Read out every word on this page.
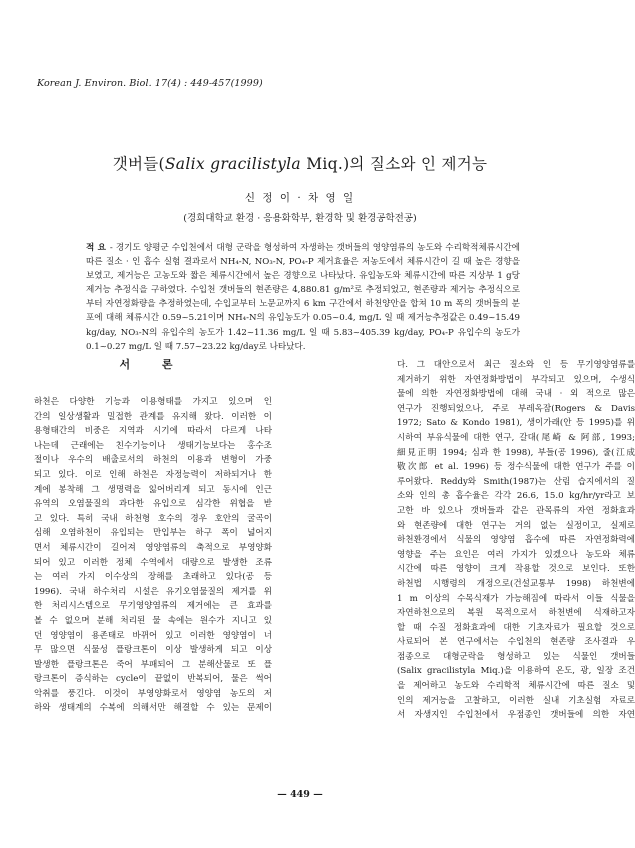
Korean J. Environ. Biol. 17(4) : 449-457(1999)
갯버들(Salix gracilistyla Miq.)의 질소와 인 제거능
신 정 이 · 차 영 일
(경희대학교 환경 · 응용화학부, 환경학 및 환경공학전공)
적 요 - 경기도 양평군 수입천에서 대형 군락을 형성하여 자생하는 갯버들의 영양염류의 농도와 수리학적체류시간에 따른 질소 · 인 흡수 실험 결과로서 NH₄-N, NO₃-N, PO₄-P 제거효율은 저농도에서 체류시간이 길 때 높은 경향을 보였고, 제거능은 고농도와 짧은 체류시간에서 높은 경향으로 나타났다. 유입농도와 체류시간에 따른 지상부 1 g당 제거능 추정식을 구하였다. 수입천 갯버들의 현존량은 4,880.81 g/m²로 추정되었고, 현존량과 제거능 추정식으로부터 자연정화량을 추정하였는데, 수입교부터 노문교까지 6 km 구간에서 하천양안을 합쳐 10 m 폭의 갯버들의 분포에 대해 체류시간 0.59~5.21이며 NH₄-N의 유입농도가 0.05~0.4, mg/L 일 때 제거능추정값은 0.49~15.49 kg/day, NO₃-N의 유입수의 농도가 1.42~11.36 mg/L 일 때 5.83~405.39 kg/day, PO₄-P 유입수의 농도가 0.1~0.27 mg/L 일 때 7.57~23.22 kg/day로 나타났다.
서 론
하천은 다양한 기능과 이용형태를 가지고 있으며 인
간의 일상생활과 밀접한 관계를 유지해 왔다. 이러한 이
용형태간의 비중은 지역과 시기에 따라서 다르게 나타
나는데 근래에는 친수기능이나 생태기능보다는 홍수조
절이나 우수의 배출로서의 하천의 이용과 변형이 가중
되고 있다. 이로 인해 하천은 자정능력이 저하되거나 한
계에 봉착해 그 생명력을 잃어버리게 되고 동시에 인근
유역의 오염물질의 과다한 유입으로 심각한 위협을 받
고 있다. 특히 국내 하천형 호수의 경우 호안의 굴곡이
심해 오염하천이 유입되는 만입부는 하구 폭이 넓어지
면서 체류시간이 길어져 영양염류의 축적으로 부영양화
되어 있고 이러한 정체 수역에서 대량으로 발생한 조류
는 여러 가지 이수상의 장해를 초래하고 있다(공 등
1996). 국내 하수처리 시설은 유기오염물질의 제거를 위
한 처리시스템으로 무기영양염류의 제거에는 큰 효과를
볼 수 없으며 분해 처리된 물 속에는 원수가 지니고 있
던 영양염이 용존태로 바뀌어 있고 이러한 영양염이 너
무 많으면 식물성 플랑크톤이 이상 발생하게 되고 이상
발생한 플랑크톤은 죽어 부패되어 그 분해산물로 또 플
랑크톤이 증식하는 cycle이 끝없이 반복되어, 물은 썩어
악취를 풍긴다. 이것이 부영양화로서 영양염 농도의 저
하와 생태계의 수복에 의해서만 해결할 수 있는 문제이
다. 그 대안으로서 최근 질소와 인 등 무기영양염류를
제거하기 위한 자연정화방법이 부각되고 있으며, 수생식
물에 의한 자연정화방법에 대해 국내 · 외 적으로 많은
연구가 진행되었으나, 주로 부레옥잠(Rogers & Davis
1972; Sato & Kondo 1981), 생이가래(안 등 1995)를 위
시하여 부유식물에 대한 연구, 갈대(尾崎 & 阿部, 1993;
細見正明 1994; 심과 한 1998), 부들(공 1996), 줄(江成
敬次郎 et al. 1996) 등 정수식물에 대한 연구가 주를 이
루어왔다. Reddy와 Smith(1987)는 산림 습지에서의 질
소와 인의 총 흡수율은 각각 26.6, 15.0 kg/hr/yr라고 보
고한 바 있으나 갯버들과 같은 관목류의 자연 정화효과
와 현존량에 대한 연구는 거의 없는 실정이고, 실제로
하천환경에서 식물의 영양염 흡수에 따른 자연정화력에
영향을 주는 요인은 여러 가지가 있겠으나 농도와 체류
시간에 따른 영향이 크게 작용할 것으로 보인다. 또한
하천법 시행령의 개정으로(건설교통부 1998) 하천변에
1 m 이상의 수목식재가 가능해짐에 따라서 이들 식물을
자연하천으로의 복원 목적으로서 하천변에 식재하고자
할 때 수질 정화효과에 대한 기초자료가 필요할 것으로
사료되어 본 연구에서는 수입천의 현존량 조사결과 우
점종으로 대형군락을 형성하고 있는 식물인 갯버들
(Salix gracilistyla Miq.)을 이용하여 온도, 광, 일장 조건
을 제어하고 농도와 수리학적 체류시간에 따른 질소 및
인의 제거능을 고찰하고, 이러한 실내 기초실험 자료로
서 자생지인 수입천에서 우점종인 갯버들에 의한 자연
— 449 —
